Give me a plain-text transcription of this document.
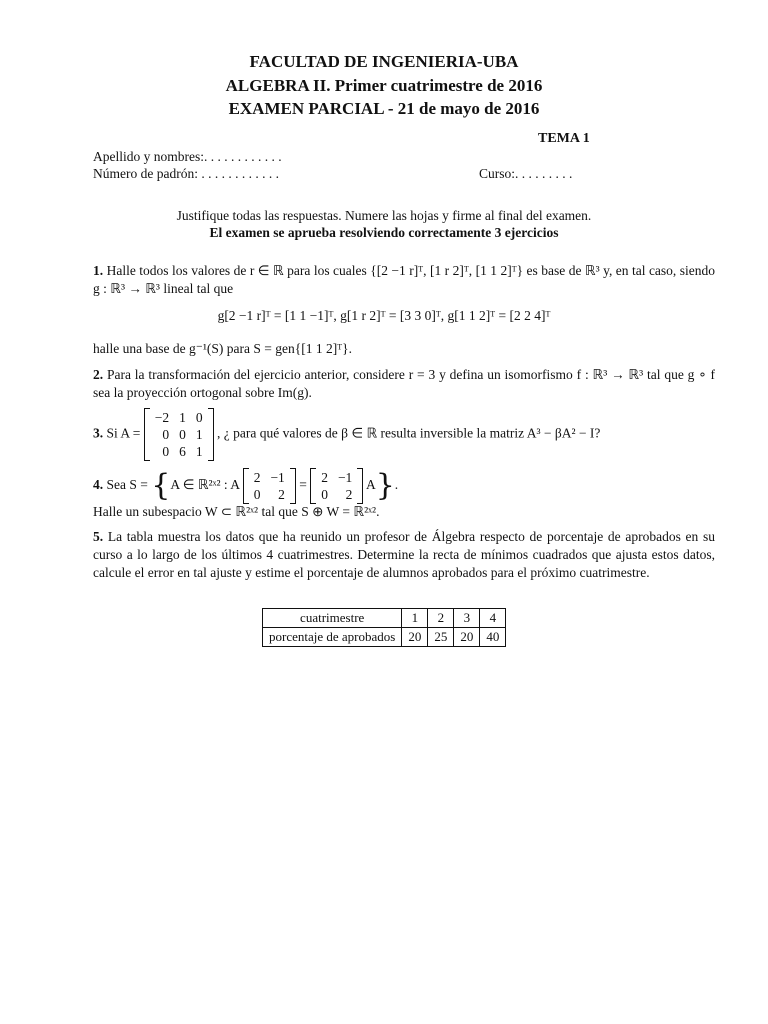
FACULTAD DE INGENIERIA-UBA
ALGEBRA II. Primer cuatrimestre de 2016
EXAMEN PARCIAL - 21 de mayo de 2016
TEMA 1
Apellido y nombres:. . . . . . . . . . . .
Número de padrón: . . . . . . . . . . . .	Curso:. . . . . . . . .
Justifique todas las respuestas. Numere las hojas y firme al final del examen.
El examen se aprueba resolviendo correctamente 3 ejercicios
1. Halle todos los valores de r ∈ ℝ para los cuales {[2 −1 r]ᵀ, [1 r 2]ᵀ, [1 1 2]ᵀ} es base de ℝ³ y, en tal caso, siendo g : ℝ³ → ℝ³ lineal tal que
g[2 −1 r]ᵀ = [1 1 −1]ᵀ, g[1 r 2]ᵀ = [3 3 0]ᵀ, g[1 1 2]ᵀ = [2 2 4]ᵀ
halle una base de g⁻¹(S) para S = gen{[1 1 2]ᵀ}.
2. Para la transformación del ejercicio anterior, considere r = 3 y defina un isomorfismo f : ℝ³ → ℝ³ tal que g ∘ f sea la proyección ortogonal sobre Im(g).
3. Si A =
−2	1	0
0	0	1
0	6	1
, ¿ para qué valores de β ∈ ℝ resulta inversible la matriz A³ − βA² − I?
4. Sea S = {A ∈ ℝ²ˣ² : A 2	−1
0	2
= 2	−1
0	2
A}.
Halle un subespacio W ⊂ ℝ²ˣ² tal que S ⊕ W = ℝ²ˣ².
5. La tabla muestra los datos que ha reunido un profesor de Álgebra respecto de porcentaje de aprobados en su curso a lo largo de los últimos 4 cuatrimestres. Determine la recta de mínimos cuadrados que ajusta estos datos, calcule el error en tal ajuste y estime el porcentaje de alumnos aprobados para el próximo cuatrimestre.
cuatrimestre	1	2	3	4
porcentaje de aprobados	20	25	20	40
